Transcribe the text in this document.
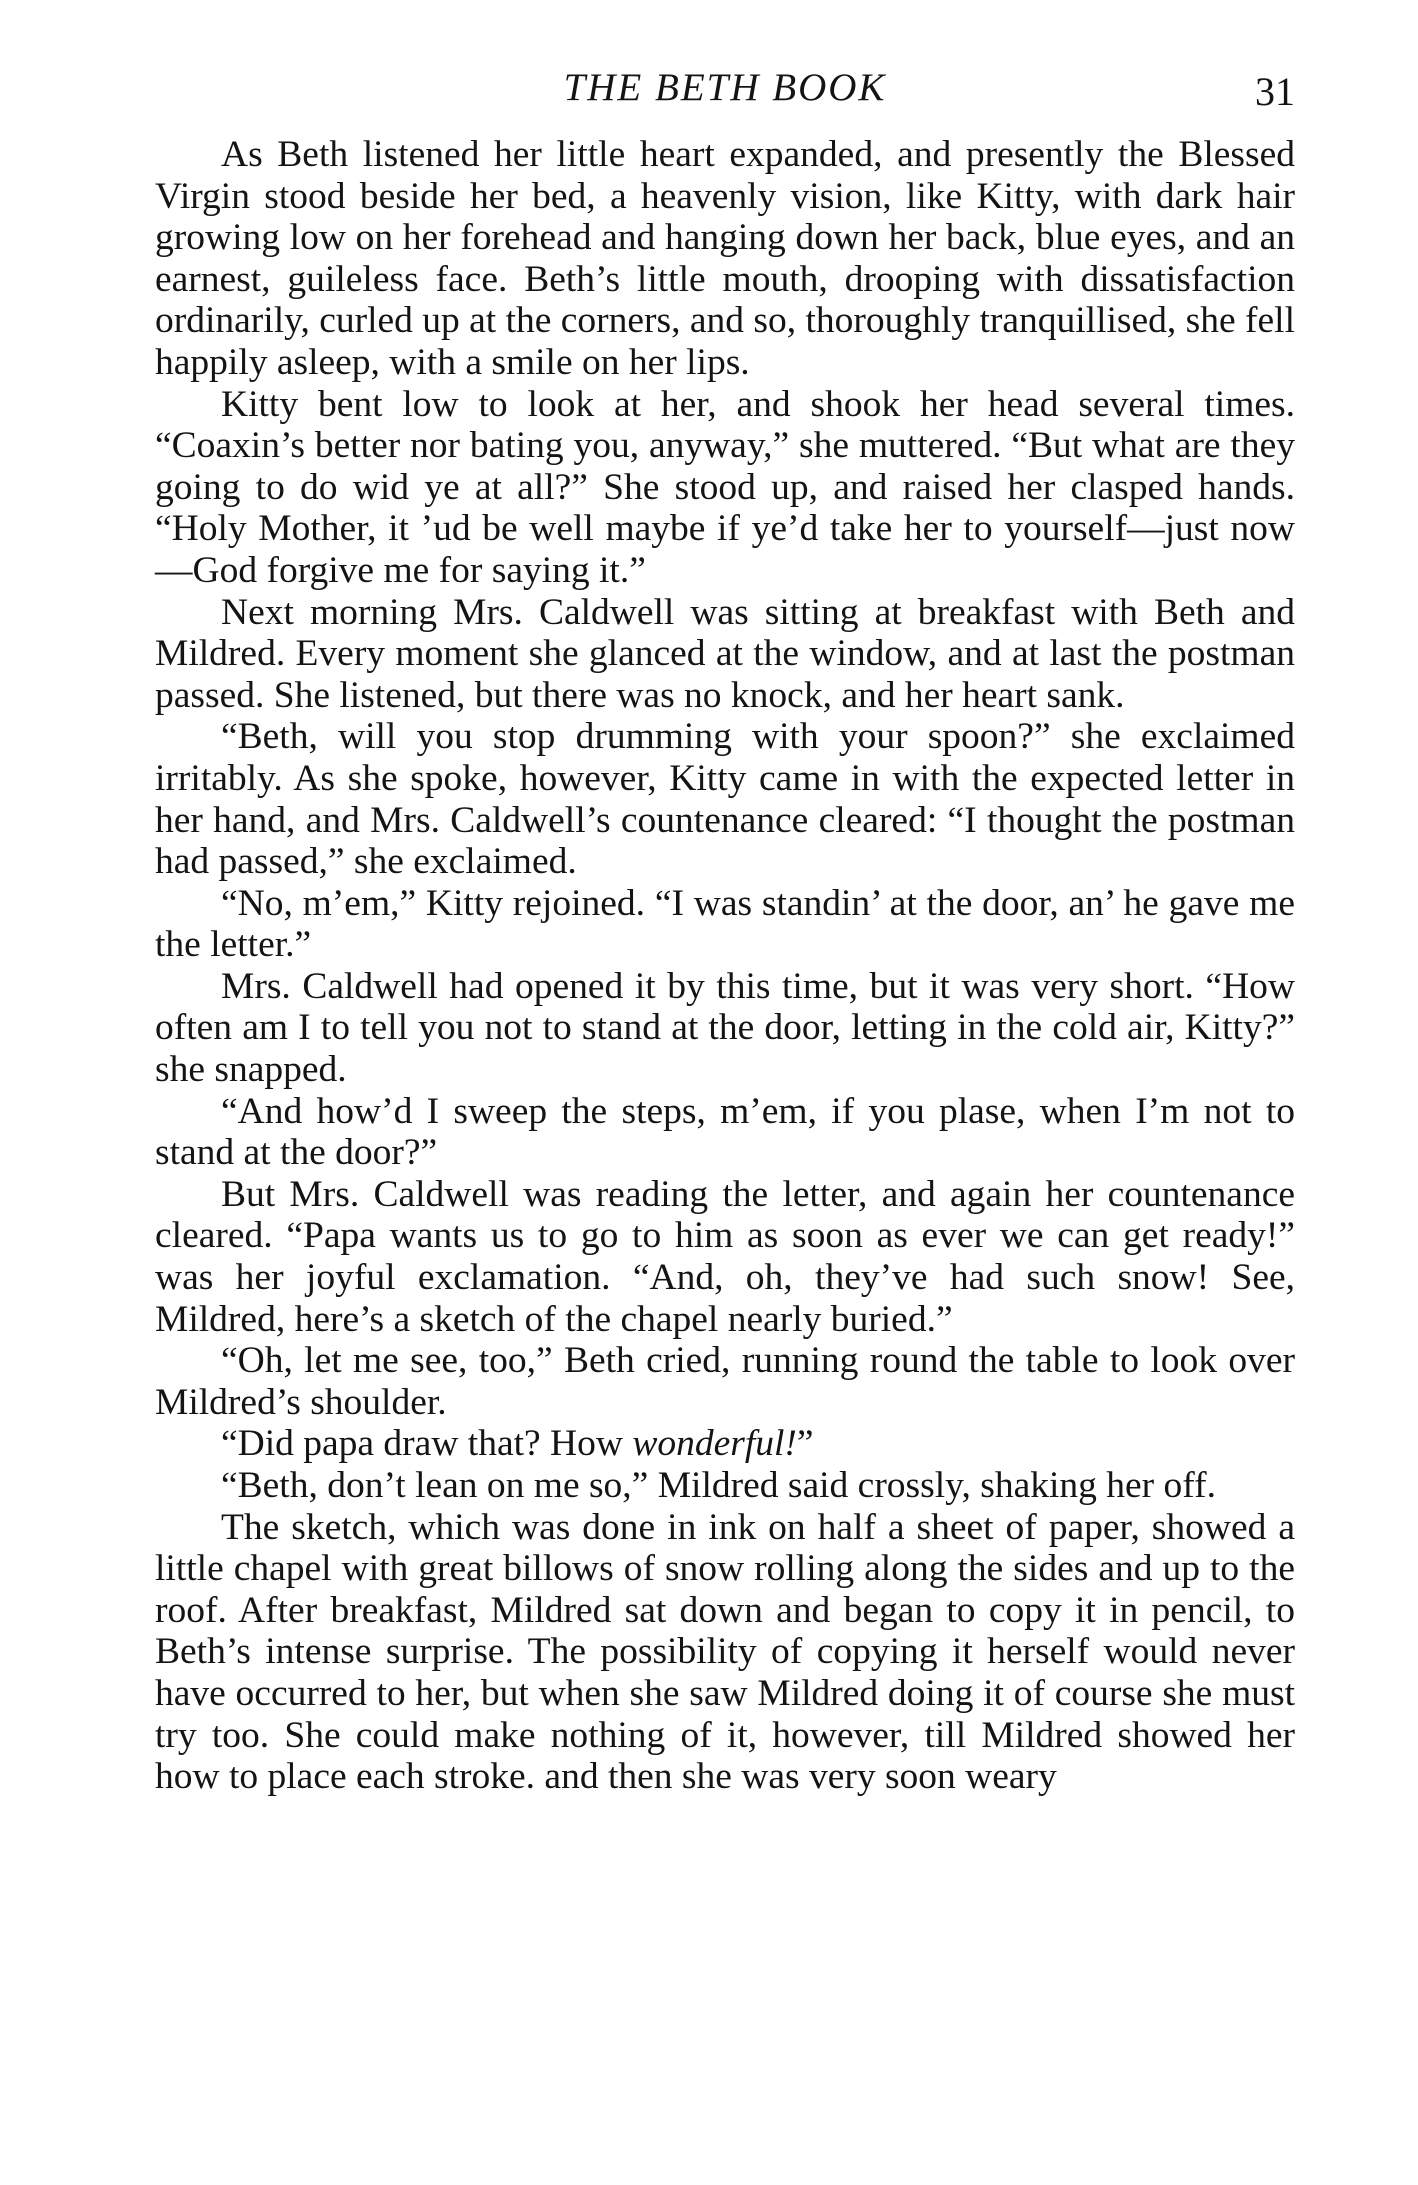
THE BETH BOOK	31

As Beth listened her little heart expanded, and presently the Blessed Virgin stood beside her bed, a heavenly vision, like Kitty, with dark hair growing low on her forehead and hanging down her back, blue eyes, and an earnest, guileless face. Beth’s little mouth, drooping with dissatisfaction ordinarily, curled up at the corners, and so, thoroughly tranquillised, she fell happily asleep, with a smile on her lips.

Kitty bent low to look at her, and shook her head several times. “Coaxin’s better nor bating you, anyway,” she muttered. “But what are they going to do wid ye at all?” She stood up, and raised her clasped hands. “Holy Mother, it ’ud be well maybe if ye’d take her to yourself—just now—God forgive me for saying it.”

Next morning Mrs. Caldwell was sitting at breakfast with Beth and Mildred. Every moment she glanced at the window, and at last the postman passed. She listened, but there was no knock, and her heart sank.

“Beth, will you stop drumming with your spoon?” she exclaimed irritably. As she spoke, however, Kitty came in with the expected letter in her hand, and Mrs. Caldwell’s countenance cleared: “I thought the postman had passed,” she exclaimed.

“No, m’em,” Kitty rejoined. “I was standin’ at the door, an’ he gave me the letter.”

Mrs. Caldwell had opened it by this time, but it was very short. “How often am I to tell you not to stand at the door, letting in the cold air, Kitty?” she snapped.

“And how’d I sweep the steps, m’em, if you plase, when I’m not to stand at the door?”

But Mrs. Caldwell was reading the letter, and again her countenance cleared. “Papa wants us to go to him as soon as ever we can get ready!” was her joyful exclamation. “And, oh, they’ve had such snow! See, Mildred, here’s a sketch of the chapel nearly buried.”

“Oh, let me see, too,” Beth cried, running round the table to look over Mildred’s shoulder.

“Did papa draw that? How wonderful!”

“Beth, don’t lean on me so,” Mildred said crossly, shaking her off.

The sketch, which was done in ink on half a sheet of paper, showed a little chapel with great billows of snow rolling along the sides and up to the roof. After breakfast, Mildred sat down and began to copy it in pencil, to Beth’s intense surprise. The possibility of copying it herself would never have occurred to her, but when she saw Mildred doing it of course she must try too. She could make nothing of it, however, till Mildred showed her how to place each stroke. and then she was very soon weary
